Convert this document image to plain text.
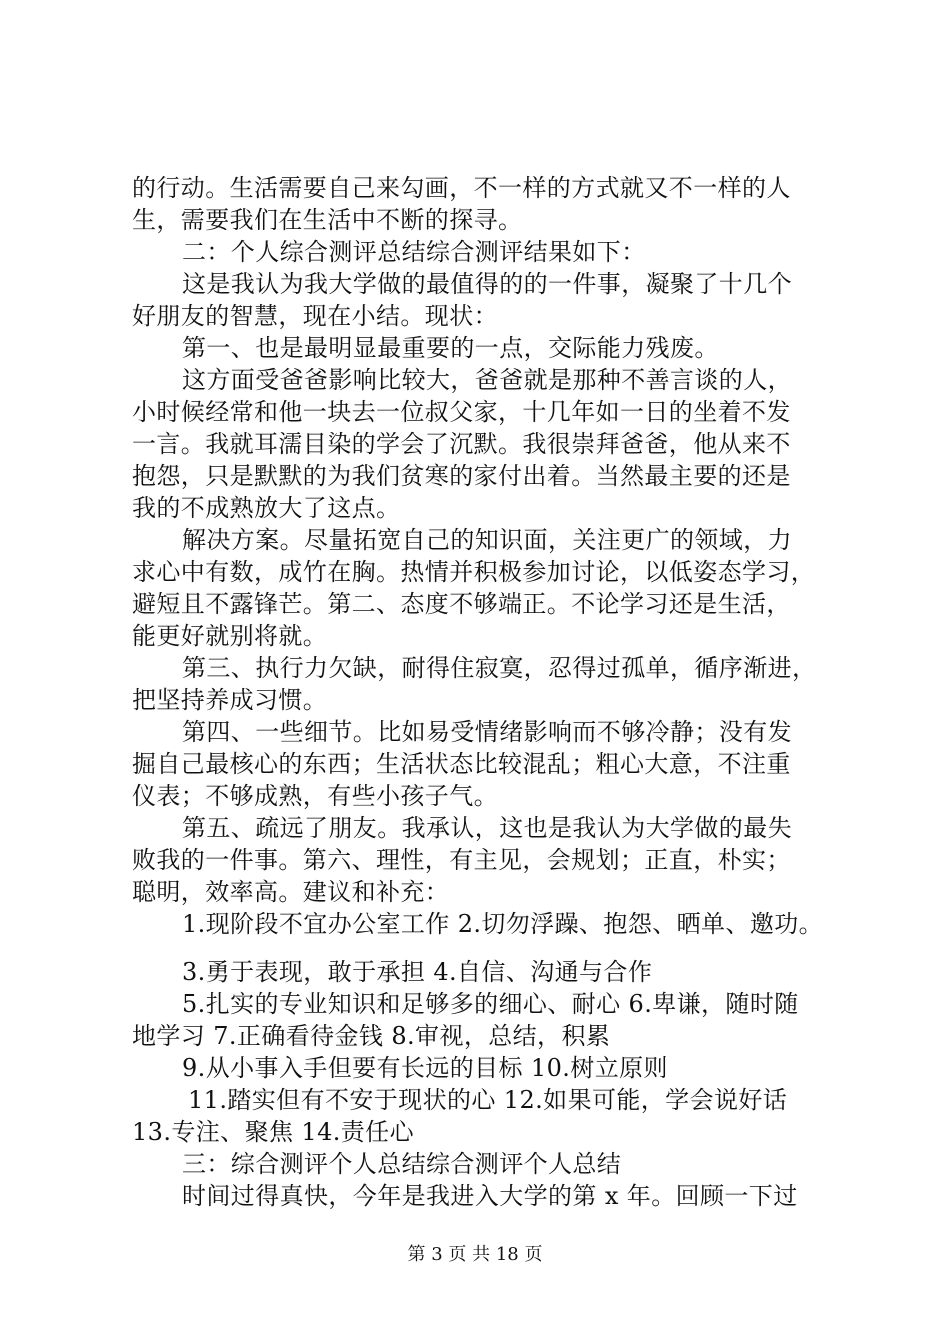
的行动。生活需要自己来勾画，不一样的方式就又不一样的人
生，需要我们在生活中不断的探寻。
二：个人综合测评总结综合测评结果如下：
这是我认为我大学做的最值得的的一件事，凝聚了十几个
好朋友的智慧，现在小结。现状：
第一、也是最明显最重要的一点，交际能力残废。
这方面受爸爸影响比较大，爸爸就是那种不善言谈的人，
小时候经常和他一块去一位叔父家，十几年如一日的坐着不发
一言。我就耳濡目染的学会了沉默。我很崇拜爸爸，他从来不
抱怨，只是默默的为我们贫寒的家付出着。当然最主要的还是
我的不成熟放大了这点。
解决方案。尽量拓宽自己的知识面，关注更广的领域，力
求心中有数，成竹在胸。热情并积极参加讨论，以低姿态学习，
避短且不露锋芒。第二、态度不够端正。不论学习还是生活，
能更好就别将就。
第三、执行力欠缺，耐得住寂寞，忍得过孤单，循序渐进，
把坚持养成习惯。
第四、一些细节。比如易受情绪影响而不够冷静；没有发
掘自己最核心的东西；生活状态比较混乱；粗心大意，不注重
仪表；不够成熟，有些小孩子气。
第五、疏远了朋友。我承认，这也是我认为大学做的最失
败我的一件事。第六、理性，有主见，会规划；正直，朴实；
聪明，效率高。建议和补充：
1.现阶段不宜办公室工作 2.切勿浮躁、抱怨、晒单、邀功。
3.勇于表现，敢于承担 4.自信、沟通与合作
5.扎实的专业知识和足够多的细心、耐心 6.卑谦，随时随
地学习 7.正确看待金钱 8.审视，总结，积累
9.从小事入手但要有长远的目标 10.树立原则
11.踏实但有不安于现状的心 12.如果可能，学会说好话
13.专注、聚焦 14.责任心
三：综合测评个人总结综合测评个人总结
时间过得真快，今年是我进入大学的第 x 年。回顾一下过
第 3 页 共 18 页
